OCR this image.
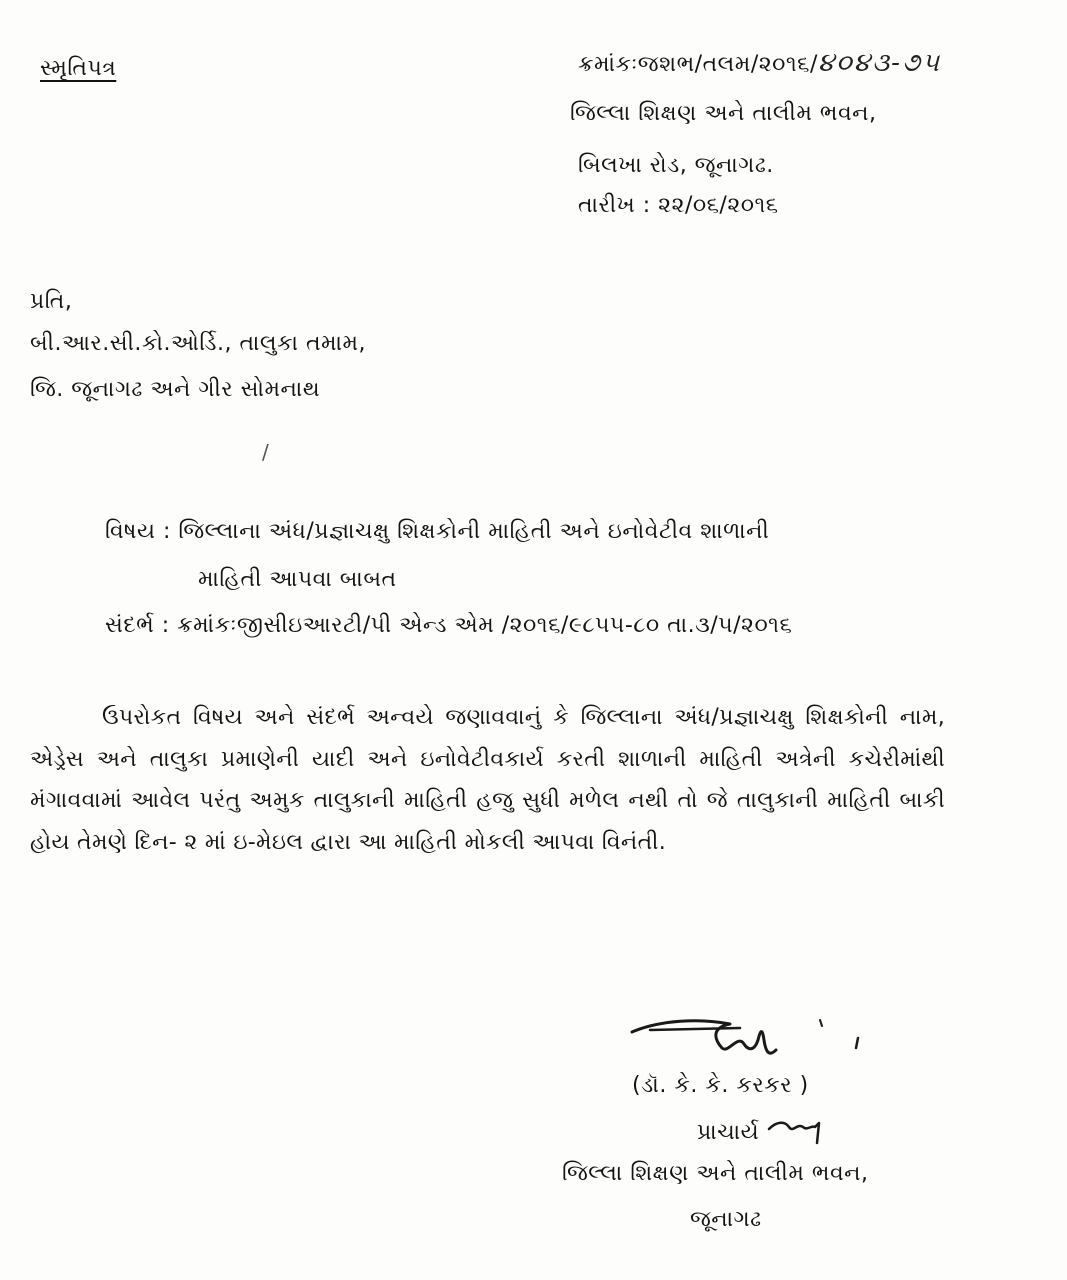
સ્મૃતિપત્ર	ક્રમાંકઃજશભ/તલમ/૨૦૧૬/૪૦૪૩-૭૫
જિલ્લા શિક્ષણ અને તાલીમ ભવન,
બિલખા રોડ, જૂનાગઢ.
તારીખ : ૨૨/૦૬/૨૦૧૬
પ્રતિ,
બી.આર.સી.કો.ઓર્ડિ., તાલુકા તમામ,
જિ. જૂનાગઢ અને ગીર સોમનાથ
વિષય : જિલ્લાના અંધ/પ્રજ્ઞાચક્ષુ શિક્ષકોની માહિતી અને ઇનોવેટીવ શાળાની
માહિતી આપવા બાબત
સંદર્ભ : ક્રમાંકઃજીસીઇઆરટી/પી એન્ડ એમ /૨૦૧૬/૯૮૫૫-૮૦ તા.૩/૫/૨૦૧૬
ઉપરોકત વિષય અને સંદર્ભ અન્વયે જણાવવાનું કે જિલ્લાના અંધ/પ્રજ્ઞાચક્ષુ શિક્ષકોની નામ, એડ્રેસ અને તાલુકા પ્રમાણેની યાદી અને ઇનોવેટીવકાર્ય કરતી શાળાની માહિતી અત્રેની કચેરીમાંથી મંગાવવામાં આવેલ પરંતુ અમુક તાલુકાની માહિતી હજુ સુધી મળેલ નથી તો જે તાલુકાની માહિતી બાકી હોય તેમણે દિન- ૨ માં ઇ-મેઇલ દ્વારા આ માહિતી મોકલી આપવા વિનંતી.
(ડૉ. કે. કે. કરકર )
પ્રાચાર્ય
જિલ્લા શિક્ષણ અને તાલીમ ભવન,
જૂનાગઢ
/
